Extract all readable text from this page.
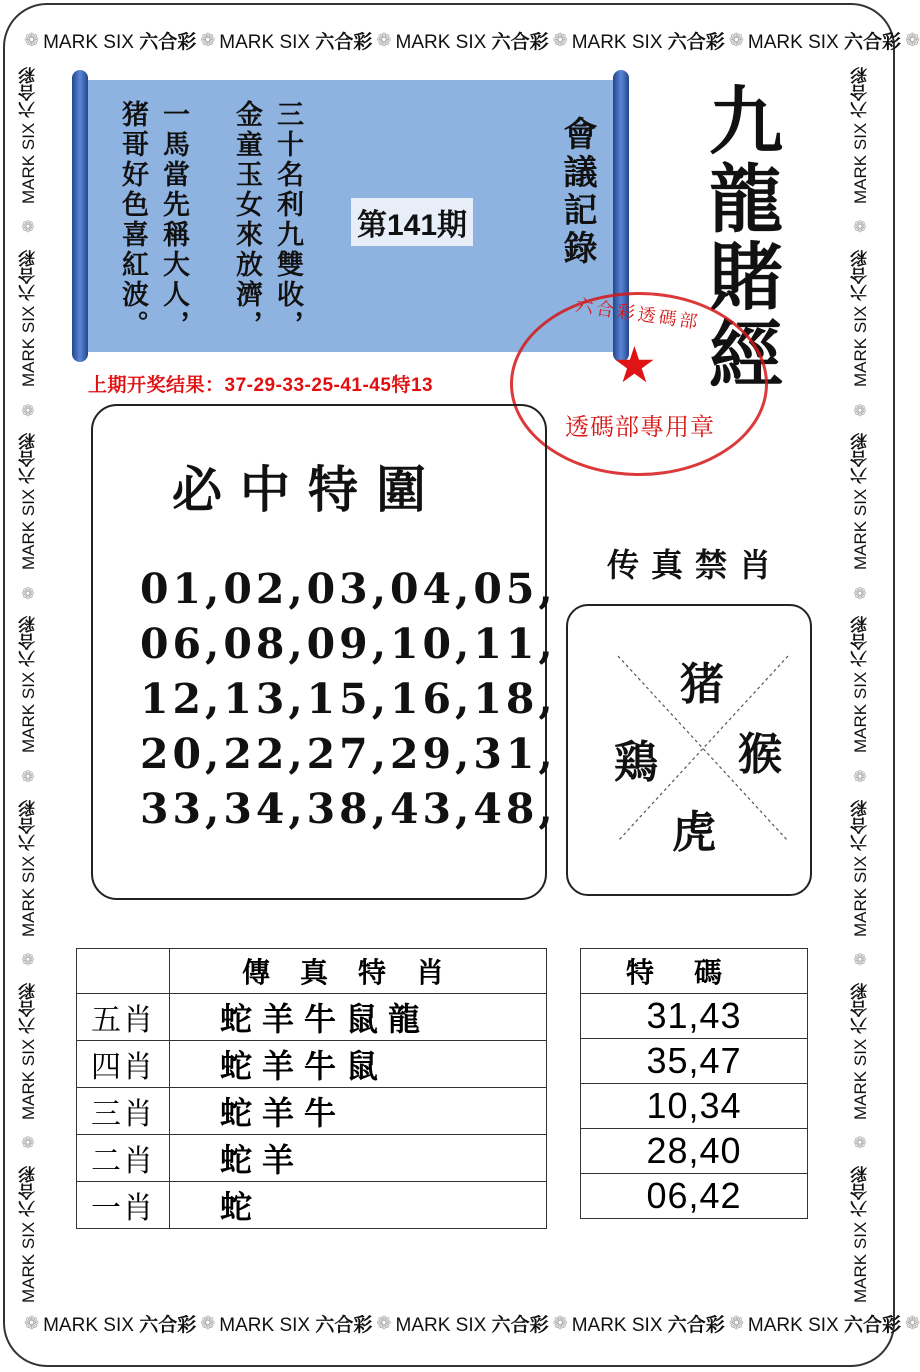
❁ MARK SIX 六合彩 ❁ MARK SIX 六合彩 ❁ MARK SIX 六合彩 ❁ MARK SIX 六合彩 ❁ MARK SIX 六合彩 ❁
❁ MARK SIX 六合彩 ❁ MARK SIX 六合彩 ❁ MARK SIX 六合彩 ❁ MARK SIX 六合彩 ❁ MARK SIX 六合彩 ❁
MARK SIX 六合彩
❁
MARK SIX 六合彩
❁
MARK SIX 六合彩
❁
MARK SIX 六合彩
❁
MARK SIX 六合彩
❁
MARK SIX 六合彩
❁
MARK SIX 六合彩
MARK SIX 六合彩
❁
MARK SIX 六合彩
❁
MARK SIX 六合彩
❁
MARK SIX 六合彩
❁
MARK SIX 六合彩
❁
MARK SIX 六合彩
❁
MARK SIX 六合彩
三十名利九雙收，
金童玉女來放濟，
一馬當先稱大人，
猪哥好色喜紅波。	第141期	會議記錄
上期开奖结果：37-29-33-25-41-45特13	九龍賭經
六合彩透碼部
★
透碼部專用章
必中特圍
01,02,03,04,05,
06,08,09,10,11,
12,13,15,16,18,
20,22,27,29,31,
33,34,38,43,48,
传真禁肖
猪
鶏 猴
虎
	傳真特肖
五肖	蛇羊牛鼠龍
四肖	蛇羊牛鼠
三肖	蛇羊牛
二肖	蛇羊
一肖	蛇
特碼
31,43
35,47
10,34
28,40
06,42
